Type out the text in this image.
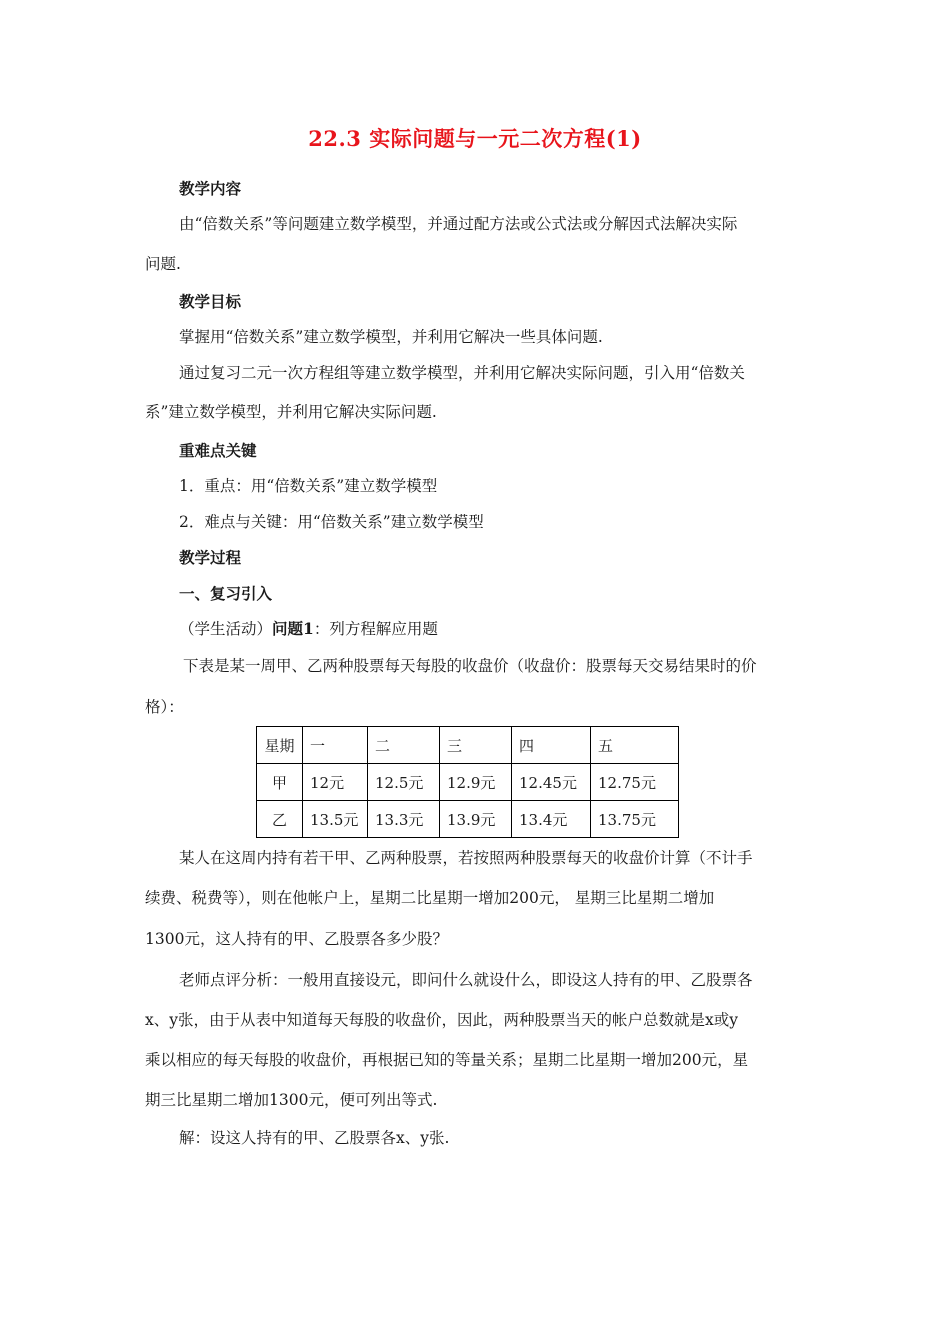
22.3 实际问题与一元二次方程(1)
教学内容
由“倍数关系”等问题建立数学模型，并通过配方法或公式法或分解因式法解决实际
问题.
教学目标
掌握用“倍数关系”建立数学模型，并利用它解决一些具体问题.
通过复习二元一次方程组等建立数学模型，并利用它解决实际问题，引入用“倍数关
系”建立数学模型，并利用它解决实际问题.
重难点关键
1．重点：用“倍数关系”建立数学模型
2．难点与关键：用“倍数关系”建立数学模型
教学过程
一、复习引入
（学生活动）问题1：列方程解应用题
下表是某一周甲、乙两种股票每天每股的收盘价（收盘价：股票每天交易结果时的价
格）：
星期	一	二	三	四	五
甲	12元	12.5元	12.9元	12.45元	12.75元
乙	13.5元	13.3元	13.9元	13.4元	13.75元
某人在这周内持有若干甲、乙两种股票，若按照两种股票每天的收盘价计算（不计手
续费、税费等），则在他帐户上，星期二比星期一增加200元， 星期三比星期二增加
1300元，这人持有的甲、乙股票各多少股？
老师点评分析：一般用直接设元，即问什么就设什么，即设这人持有的甲、乙股票各
x、y张，由于从表中知道每天每股的收盘价，因此，两种股票当天的帐户总数就是x或y
乘以相应的每天每股的收盘价，再根据已知的等量关系；星期二比星期一增加200元，星
期三比星期二增加1300元，便可列出等式.
解：设这人持有的甲、乙股票各x、y张.
